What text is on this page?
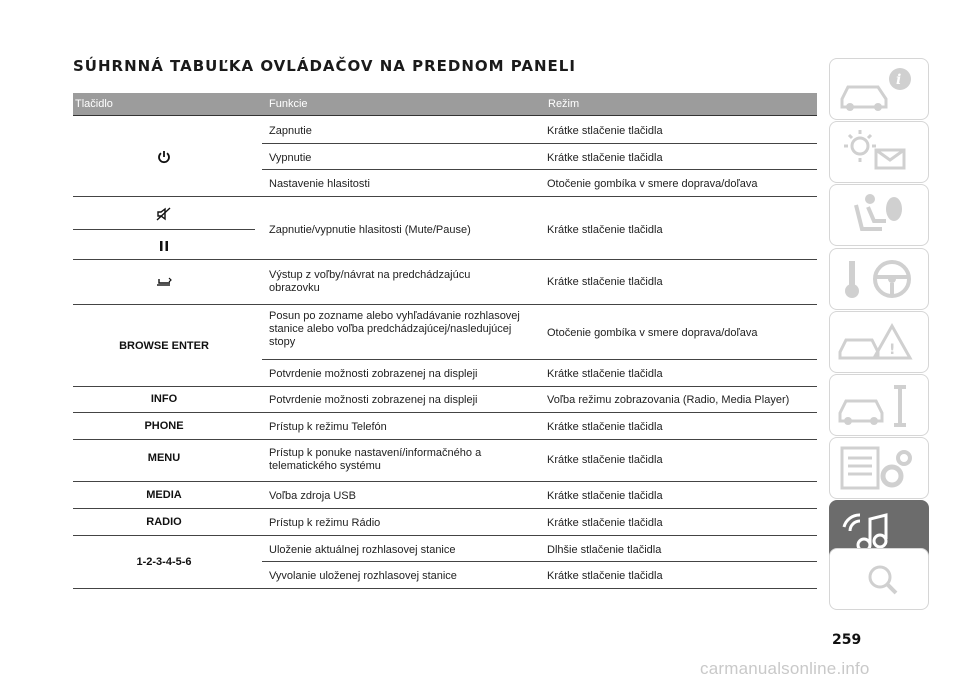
SÚHRNNÁ TABUĽKA OVLÁDAČOV NA PREDNOM PANELI
Tlačidlo	Funkcie	Režim
BROWSE ENTER
INFO
PHONE
MENU
MEDIA
RADIO
1-2-3-4-5-6
Zapnutie
Vypnutie
Nastavenie hlasitosti
Zapnutie/vypnutie hlasitosti (Mute/Pause)
Výstup z voľby/návrat na predchádzajúcu obrazovku
Posun po zozname alebo vyhľadávanie rozhlasovej stanice alebo voľba predchádzajúcej/nasledujúcej stopy
Potvrdenie možnosti zobrazenej na displeji
Potvrdenie možnosti zobrazenej na displeji
Prístup k režimu Telefón
Prístup k ponuke nastavení/informačného a telematického systému
Voľba zdroja USB
Prístup k režimu Rádio
Uloženie aktuálnej rozhlasovej stanice
Vyvolanie uloženej rozhlasovej stanice
Krátke stlačenie tlačidla
Krátke stlačenie tlačidla
Otočenie gombíka v smere doprava/doľava
Krátke stlačenie tlačidla
Krátke stlačenie tlačidla
Otočenie gombíka v smere doprava/doľava
Krátke stlačenie tlačidla
Voľba režimu zobrazovania (Radio, Media Player)
Krátke stlačenie tlačidla
Krátke stlačenie tlačidla
Krátke stlačenie tlačidla
Krátke stlačenie tlačidla
Dlhšie stlačenie tlačidla
Krátke stlačenie tlačidla
i
!
259
carmanualsonline.info
